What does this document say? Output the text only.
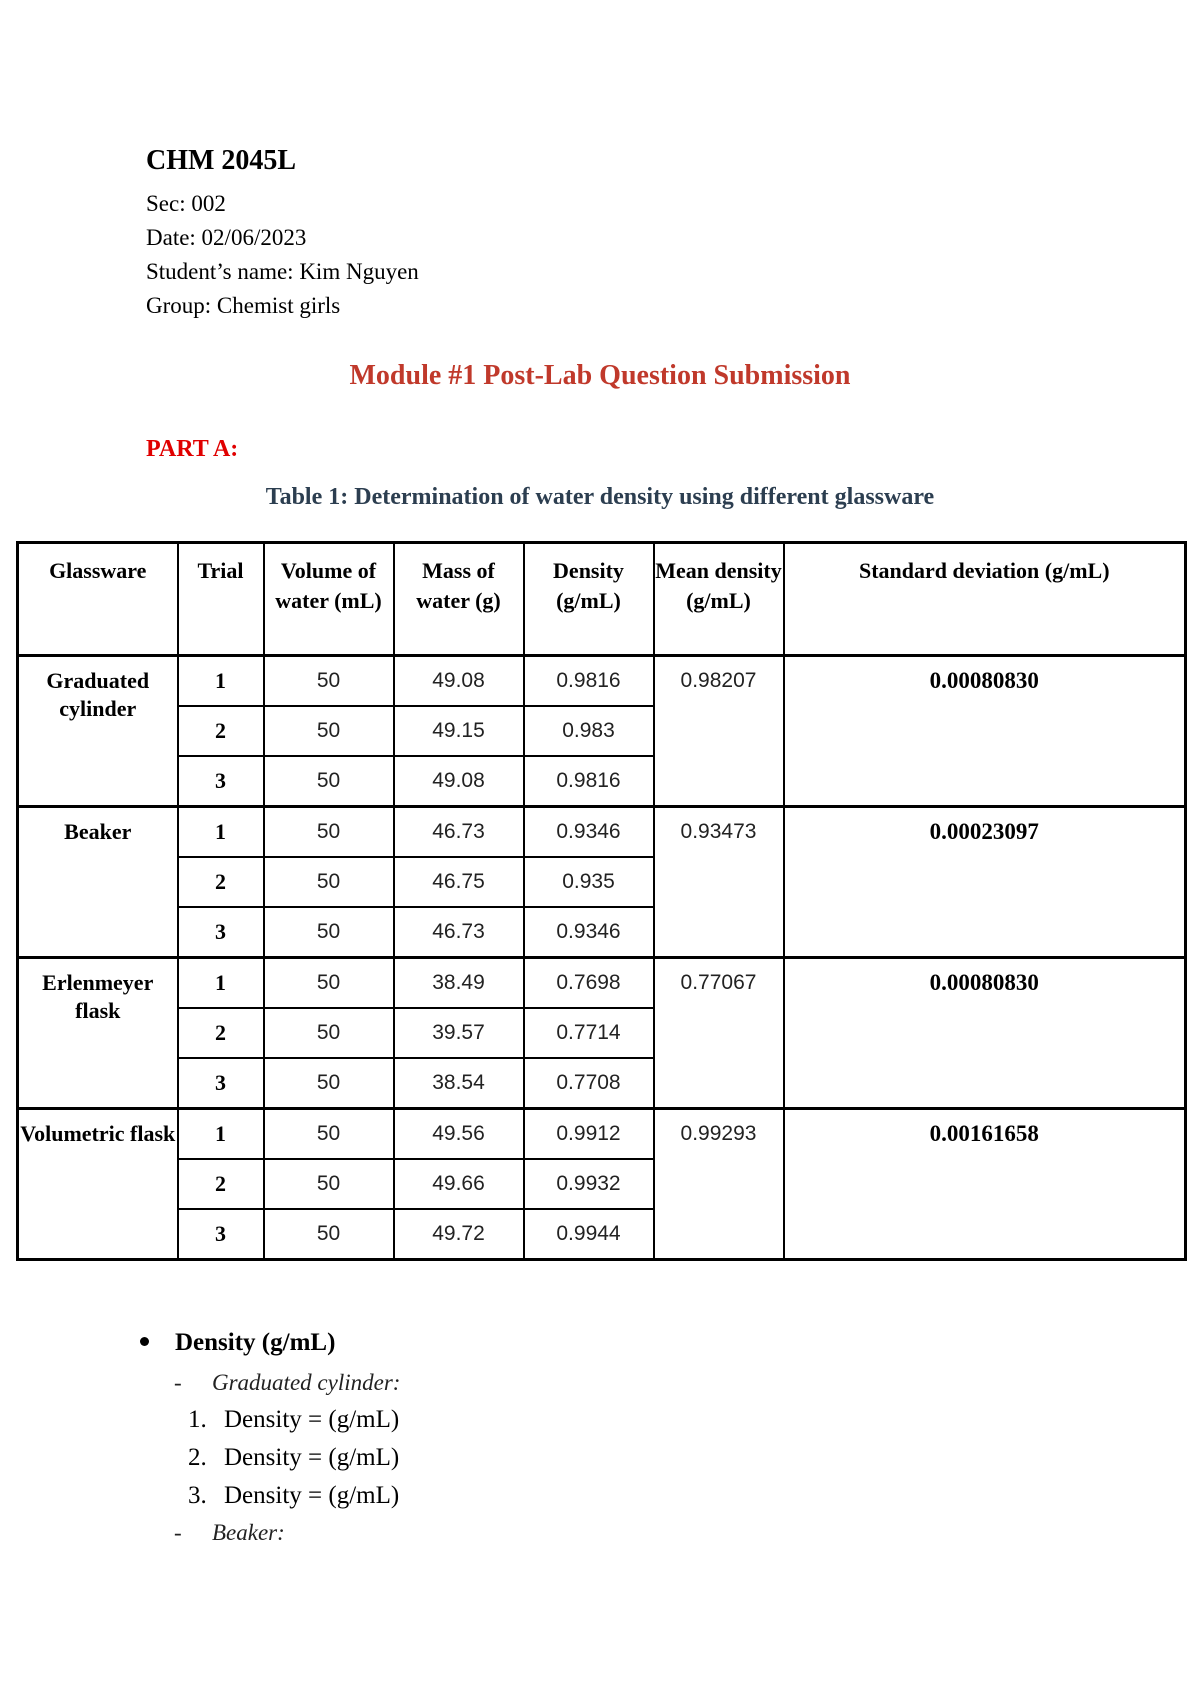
CHM 2045L

Sec: 002

Date: 02/06/2023

Student’s name: Kim Nguyen

Group: Chemist girls

Module #1 Post-Lab Question Submission

PART A:

Table 1: Determination of water density using different glassware

Glassware	Trial	Volume of water (mL)	Mass of water (g)	Density (g/mL)	Mean density (g/mL)	Standard deviation (g/mL)
Graduated cylinder	1	50	49.08	0.9816	0.98207	0.00080830
	2	50	49.15	0.983		
	3	50	49.08	0.9816		
Beaker	1	50	46.73	0.9346	0.93473	0.00023097
	2	50	46.75	0.935		
	3	50	46.73	0.9346		
Erlenmeyer flask	1	50	38.49	0.7698	0.77067	0.00080830
	2	50	39.57	0.7714		
	3	50	38.54	0.7708		
Volumetric flask	1	50	49.56	0.9912	0.99293	0.00161658
	2	50	49.66	0.9932		
	3	50	49.72	0.9944		

Density (g/mL)

- Graduated cylinder:

1. Density = (g/mL)

2. Density = (g/mL)

3. Density = (g/mL)

- Beaker:
